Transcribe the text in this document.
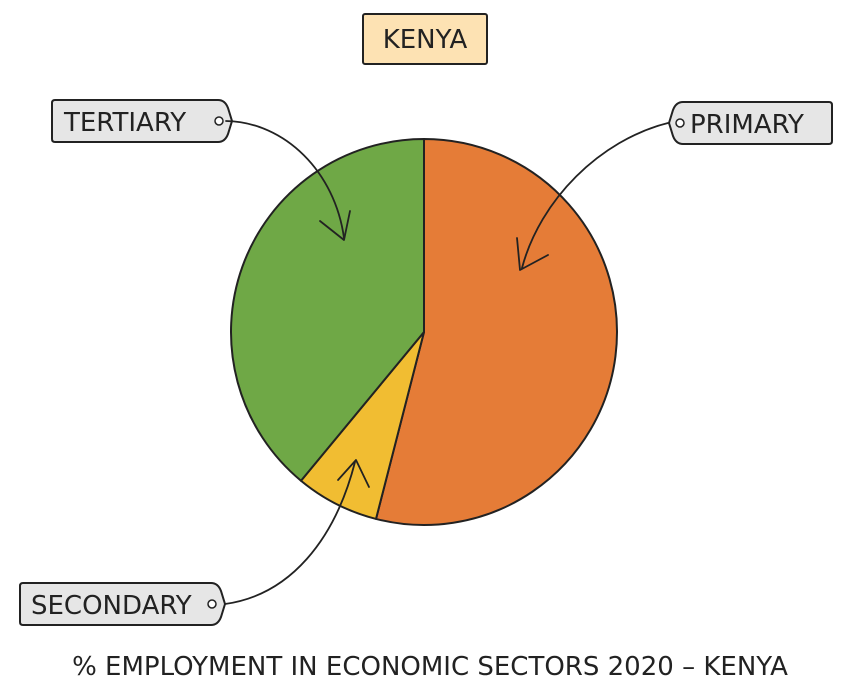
KENYA
TERTIARY	PRIMARY
SECONDARY
% EMPLOYMENT IN ECONOMIC SECTORS 2020 – KENYA
